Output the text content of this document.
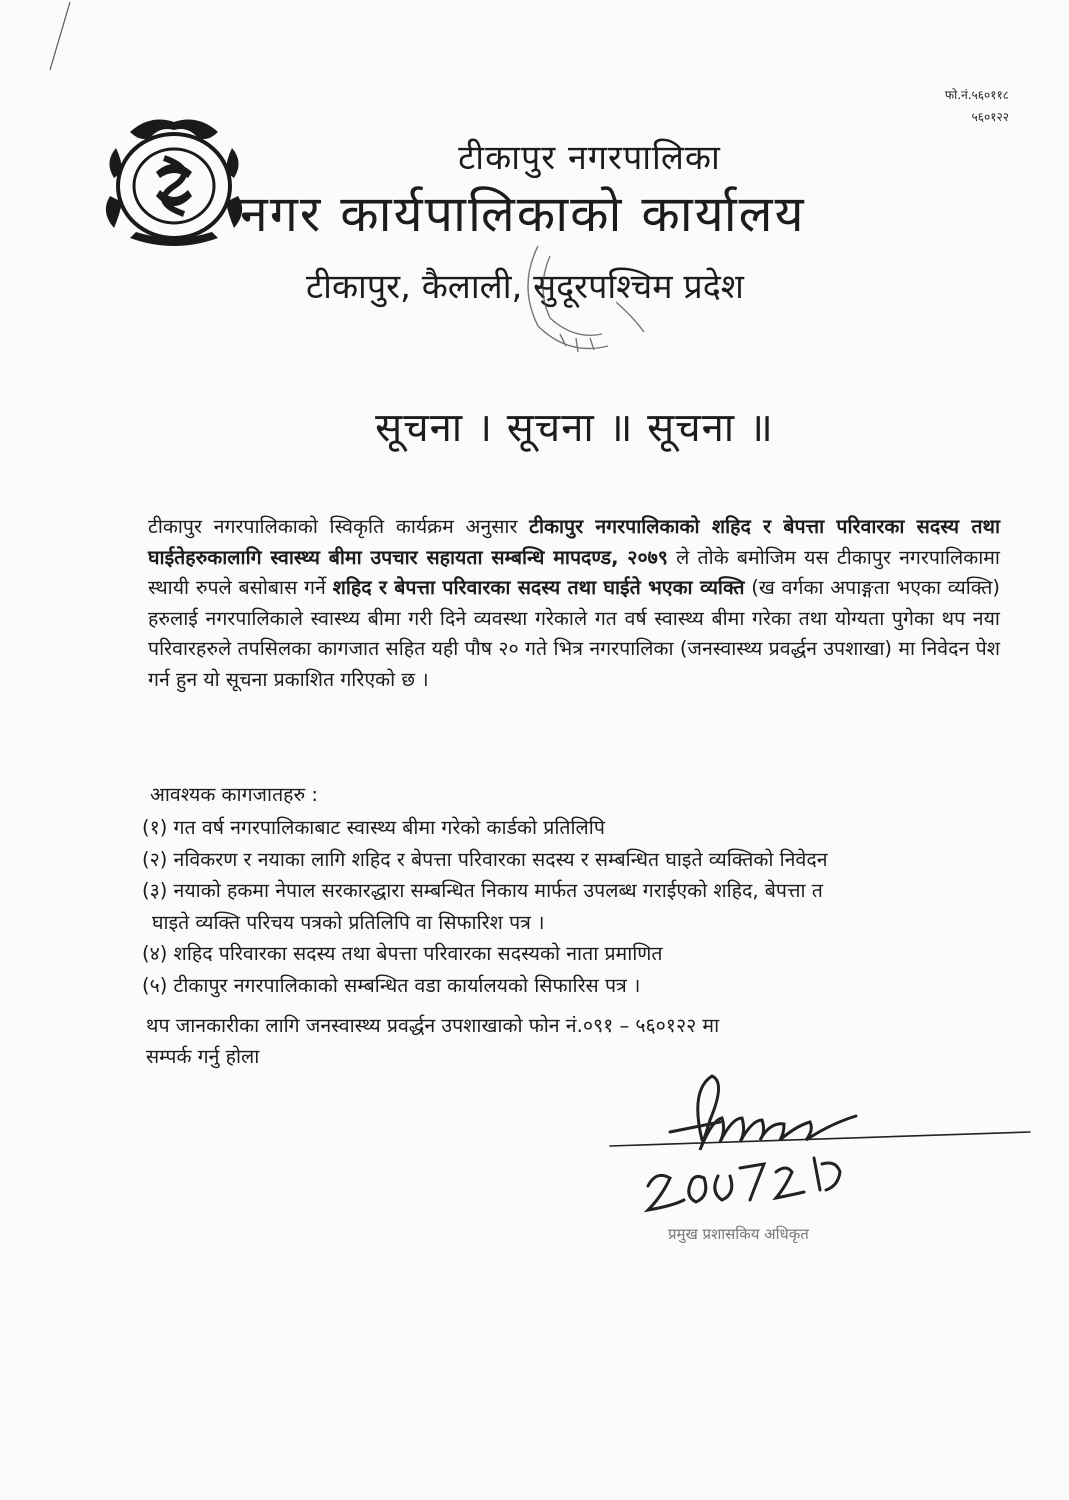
फो.नं.५६०११८
५६०१२२
टीकापुर नगरपालिका
नगर कार्यपालिकाको कार्यालय
टीकापुर, कैलाली, सुदूरपश्चिम प्रदेश
सूचना । सूचना ॥ सूचना ॥
टीकापुर नगरपालिकाको स्विकृति कार्यक्रम अनुसार टीकापुर नगरपालिकाको शहिद र बेपत्ता परिवारका सदस्य तथा घाईतेहरुकालागि स्वास्थ्य बीमा उपचार सहायता सम्बन्धि मापदण्ड, २०७९ ले तोके बमोजिम यस टीकापुर नगरपालिकामा स्थायी रुपले बसोबास गर्ने शहिद र बेपत्ता परिवारका सदस्य तथा घाईते भएका व्यक्ति (ख वर्गका अपाङ्गता भएका व्यक्ति) हरुलाई नगरपालिकाले स्वास्थ्य बीमा गरी दिने व्यवस्था गरेकाले गत वर्ष स्वास्थ्य बीमा गरेका तथा योग्यता पुगेका थप नया परिवारहरुले तपसिलका कागजात सहित यही पौष २० गते भित्र नगरपालिका (जनस्वास्थ्य प्रवर्द्धन उपशाखा) मा निवेदन पेश गर्न हुन यो सूचना प्रकाशित गरिएको छ ।
आवश्यक कागजातहरु :
(१) गत वर्ष नगरपालिकाबाट स्वास्थ्य बीमा गरेको कार्डको प्रतिलिपि
(२) नविकरण र नयाका लागि शहिद र बेपत्ता परिवारका सदस्य र सम्बन्धित घाइते व्यक्तिको निवेदन
(३) नयाको हकमा नेपाल सरकारद्धारा सम्बन्धित निकाय मार्फत उपलब्ध गराईएको शहिद, बेपत्ता त
घाइते व्यक्ति परिचय पत्रको प्रतिलिपि वा सिफारिश पत्र ।
(४) शहिद परिवारका सदस्य तथा बेपत्ता परिवारका सदस्यको नाता प्रमाणित
(५) टीकापुर नगरपालिकाको सम्बन्धित वडा कार्यालयको सिफारिस पत्र ।
थप जानकारीका लागि जनस्वास्थ्य प्रवर्द्धन उपशाखाको फोन नं.०९१ – ५६०१२२ मा
सम्पर्क गर्नु होला
प्रमुख प्रशासकिय अधिकृत
